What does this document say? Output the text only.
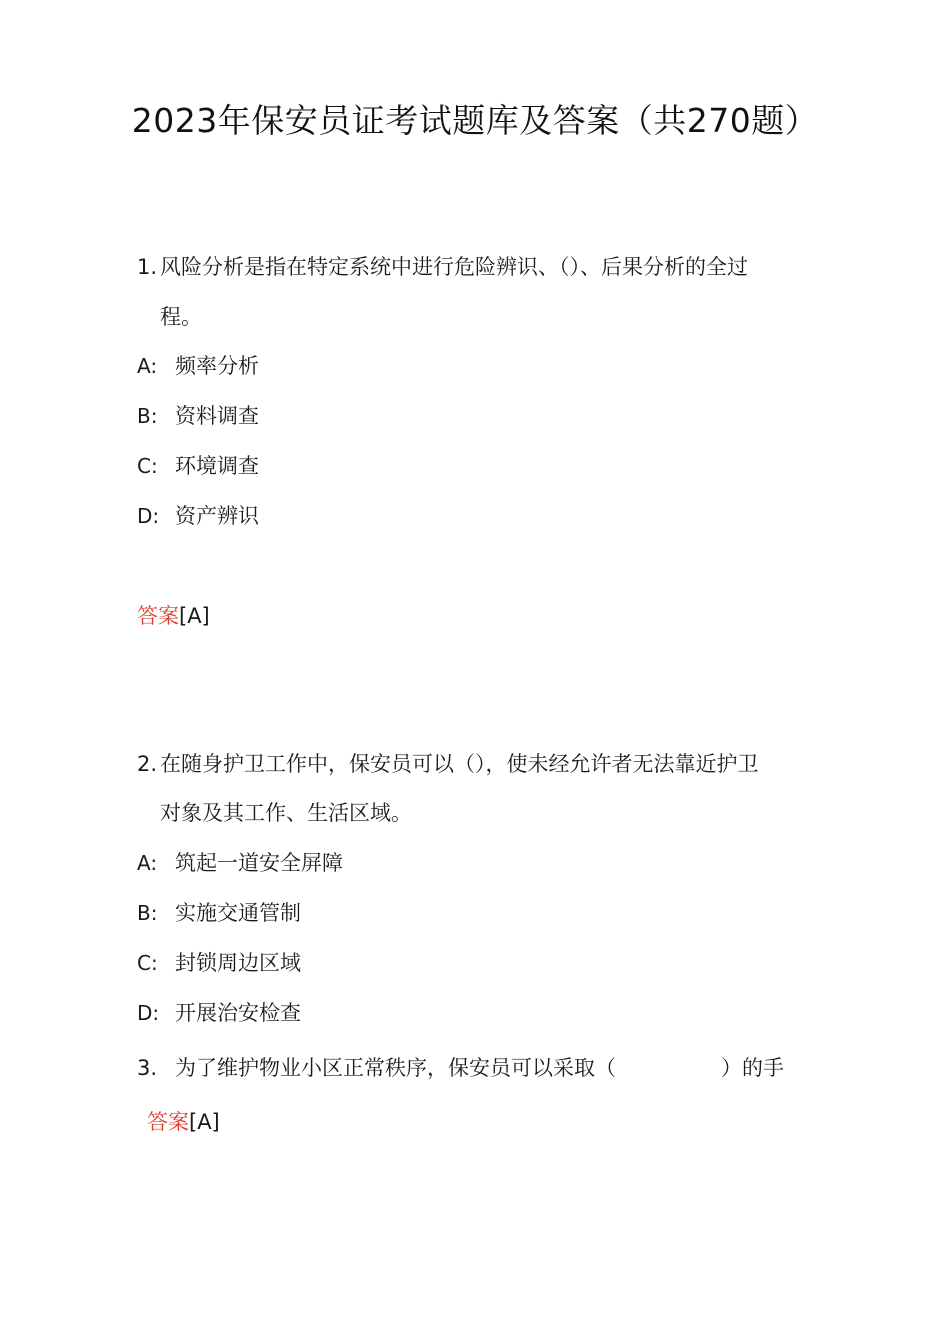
2023年保安员证考试题库及答案（共270题）
1. 风险分析是指在特定系统中进行危险辨识、（）、后果分析的全过
程。
A: 频率分析
B: 资料调查
C: 环境调查
D: 资产辨识
答案[A]
2. 在随身护卫工作中，保安员可以（），使未经允许者无法靠近护卫
对象及其工作、生活区域。
A: 筑起一道安全屏障
B: 实施交通管制
C: 封锁周边区域
D: 开展治安检查
3. 为了维护物业小区正常秩序，保安员可以采取（　　　　　）的手
答案[A]
